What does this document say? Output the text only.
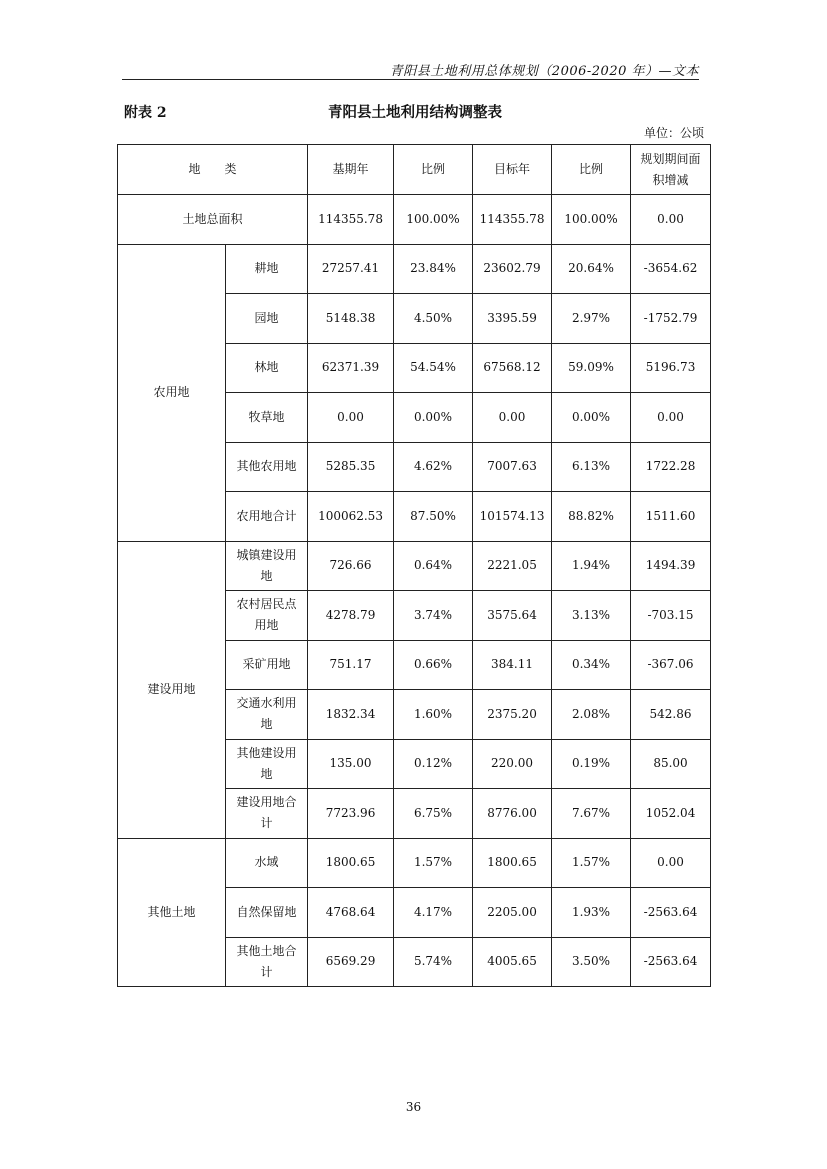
青阳县土地利用总体规划（2006-2020 年）—文本
附表 2	青阳县土地利用结构调整表
单位：公顷
地　　类		基期年	比例	目标年	比例	规划期间面积增减
土地总面积		114355.78	100.00%	114355.78	100.00%	0.00
农用地	耕地	27257.41	23.84%	23602.79	20.64%	-3654.62
	园地	5148.38	4.50%	3395.59	2.97%	-1752.79
	林地	62371.39	54.54%	67568.12	59.09%	5196.73
	牧草地	0.00	0.00%	0.00	0.00%	0.00
	其他农用地	5285.35	4.62%	7007.63	6.13%	1722.28
	农用地合计	100062.53	87.50%	101574.13	88.82%	1511.60
建设用地	城镇建设用地	726.66	0.64%	2221.05	1.94%	1494.39
	农村居民点用地	4278.79	3.74%	3575.64	3.13%	-703.15
	采矿用地	751.17	0.66%	384.11	0.34%	-367.06
	交通水利用地	1832.34	1.60%	2375.20	2.08%	542.86
	其他建设用地	135.00	0.12%	220.00	0.19%	85.00
	建设用地合计	7723.96	6.75%	8776.00	7.67%	1052.04
其他土地	水域	1800.65	1.57%	1800.65	1.57%	0.00
	自然保留地	4768.64	4.17%	2205.00	1.93%	-2563.64
	其他土地合计	6569.29	5.74%	4005.65	3.50%	-2563.64
36
